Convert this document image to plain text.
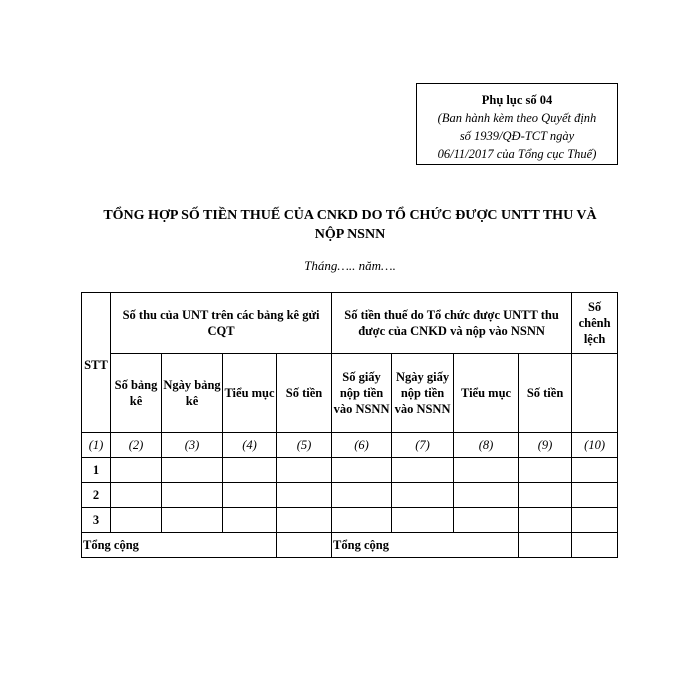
Phụ lục số 04
(Ban hành kèm theo Quyết định
số 1939/QĐ-TCT ngày
06/11/2017 của Tổng cục Thuế)
TỔNG HỢP SỐ TIỀN THUẾ CỦA CNKD DO TỔ CHỨC ĐƯỢC UNTT THU VÀ
NỘP NSNN
Tháng….. năm….
STT	Số thu của UNT trên các bảng kê gửi CQT				Số tiền thuế do Tổ chức được UNTT thu được của CNKD và nộp vào NSNN				Số chênh lệch
	Số bảng kê	Ngày bảng kê	Tiểu mục	Số tiền	Số giấy nộp tiền vào NSNN	Ngày giấy nộp tiền vào NSNN	Tiểu mục	Số tiền	
(1)	(2)	(3)	(4)	(5)	(6)	(7)	(8)	(9)	(10)
1									
2									
3									
Tổng cộng					Tổng cộng				
